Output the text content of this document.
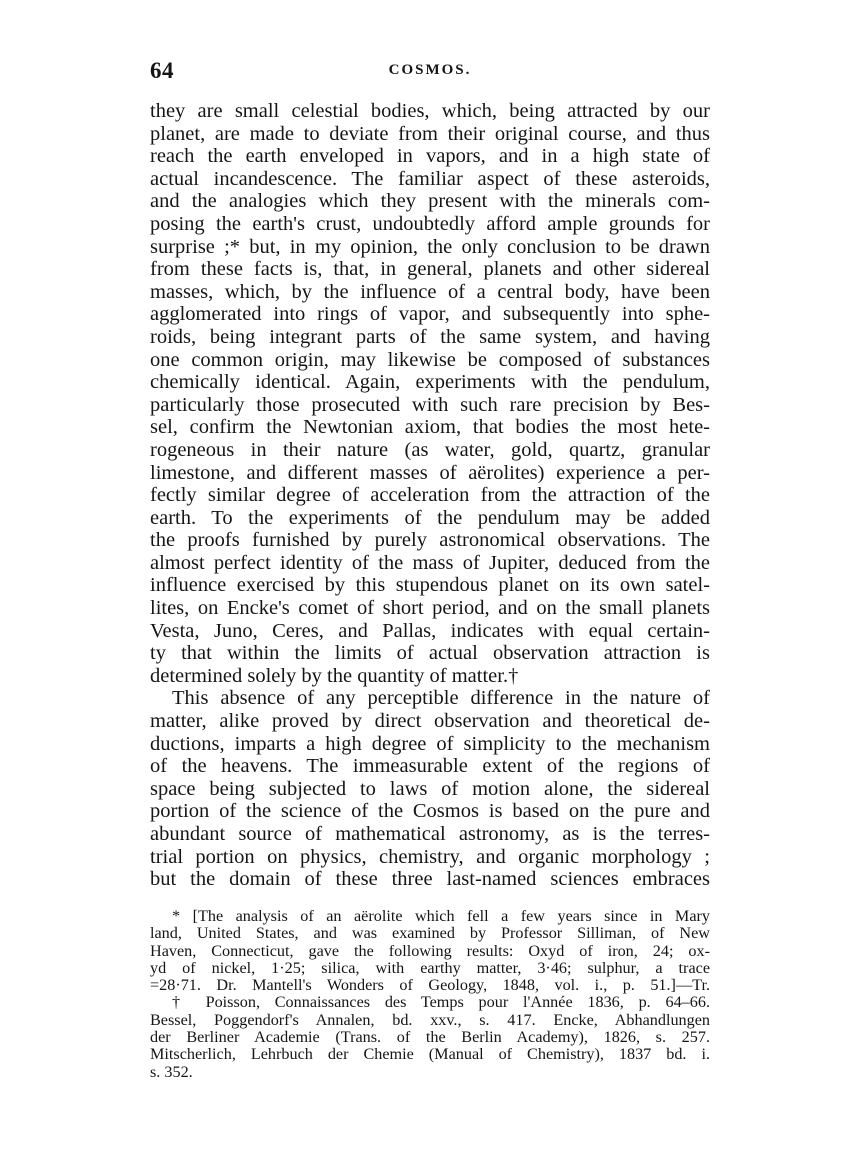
64	COSMOS.
they are small celestial bodies, which, being attracted by our
planet, are made to deviate from their original course, and thus
reach the earth enveloped in vapors, and in a high state of
actual incandescence. The familiar aspect of these asteroids,
and the analogies which they present with the minerals com-
posing the earth's crust, undoubtedly afford ample grounds for
surprise ;* but, in my opinion, the only conclusion to be drawn
from these facts is, that, in general, planets and other sidereal
masses, which, by the influence of a central body, have been
agglomerated into rings of vapor, and subsequently into sphe-
roids, being integrant parts of the same system, and having
one common origin, may likewise be composed of substances
chemically identical. Again, experiments with the pendulum,
particularly those prosecuted with such rare precision by Bes-
sel, confirm the Newtonian axiom, that bodies the most hete-
rogeneous in their nature (as water, gold, quartz, granular
limestone, and different masses of aërolites) experience a per-
fectly similar degree of acceleration from the attraction of the
earth. To the experiments of the pendulum may be added
the proofs furnished by purely astronomical observations. The
almost perfect identity of the mass of Jupiter, deduced from the
influence exercised by this stupendous planet on its own satel-
lites, on Encke's comet of short period, and on the small planets
Vesta, Juno, Ceres, and Pallas, indicates with equal certain-
ty that within the limits of actual observation attraction is
determined solely by the quantity of matter.†
This absence of any perceptible difference in the nature of
matter, alike proved by direct observation and theoretical de-
ductions, imparts a high degree of simplicity to the mechanism
of the heavens. The immeasurable extent of the regions of
space being subjected to laws of motion alone, the sidereal
portion of the science of the Cosmos is based on the pure and
abundant source of mathematical astronomy, as is the terres-
trial portion on physics, chemistry, and organic morphology ;
but the domain of these three last-named sciences embraces
* [The analysis of an aërolite which fell a few years since in Mary
land, United States, and was examined by Professor Silliman, of New
Haven, Connecticut, gave the following results: Oxyd of iron, 24; ox-
yd of nickel, 1·25; silica, with earthy matter, 3·46; sulphur, a trace
=28·71. Dr. Mantell's Wonders of Geology, 1848, vol. i., p. 51.]—Tr.
† Poisson, Connaissances des Temps pour l'Année 1836, p. 64–66.
Bessel, Poggendorf's Annalen, bd. xxv., s. 417. Encke, Abhandlungen
der Berliner Academie (Trans. of the Berlin Academy), 1826, s. 257.
Mitscherlich, Lehrbuch der Chemie (Manual of Chemistry), 1837 bd. i.
s. 352.
